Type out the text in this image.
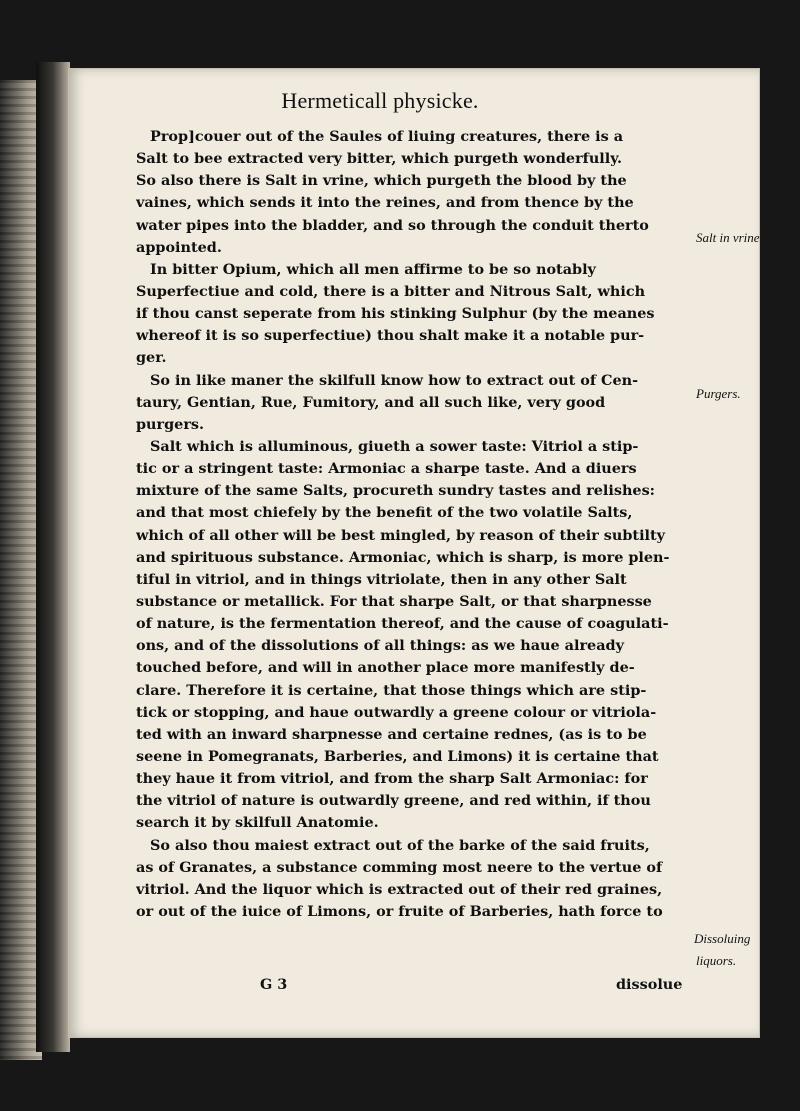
Hermeticall physicke.
Prop]couer out of the Saules of liuing creatures, there is a
Salt to bee extracted very bitter, which purgeth wonderfully.
So also there is Salt in vrine, which purgeth the blood by the
vaines, which sends it into the reines, and from thence by the
water pipes into the bladder, and so through the conduit therto
appointed.
In bitter Opium, which all men affirme to be so notably
Superfectiue and cold, there is a bitter and Nitrous Salt, which
if thou canst seperate from his stinking Sulphur (by the meanes
whereof it is so superfectiue) thou shalt make it a notable pur-
ger.
So in like maner the skilfull know how to extract out of Cen-
taury, Gentian, Rue, Fumitory, and all such like, very good
purgers.
Salt which is alluminous, giueth a sower taste: Vitriol a stip-
tic or a stringent taste: Armoniac a sharpe taste. And a diuers
mixture of the same Salts, procureth sundry tastes and relishes:
and that most chiefely by the benefit of the two volatile Salts,
which of all other will be best mingled, by reason of their subtilty
and spirituous substance. Armoniac, which is sharp, is more plen-
tiful in vitriol, and in things vitriolate, then in any other Salt
substance or metallick. For that sharpe Salt, or that sharpnesse
of nature, is the fermentation thereof, and the cause of coagulati-
ons, and of the dissolutions of all things: as we haue already
touched before, and will in another place more manifestly de-
clare. Therefore it is certaine, that those things which are stip-
tick or stopping, and haue outwardly a greene colour or vitriola-
ted with an inward sharpnesse and certaine rednes, (as is to be
seene in Pomegranats, Barberies, and Limons) it is certaine that
they haue it from vitriol, and from the sharp Salt Armoniac: for
the vitriol of nature is outwardly greene, and red within, if thou
search it by skilfull Anatomie.
So also thou maiest extract out of the barke of the said fruits,
as of Granates, a substance comming most neere to the vertue of
vitriol. And the liquor which is extracted out of their red graines,
or out of the iuice of Limons, or fruite of Barberies, hath force to
Salt in vrine
Purgers.
Dissoluing
liquors.
G 3	dissolue
